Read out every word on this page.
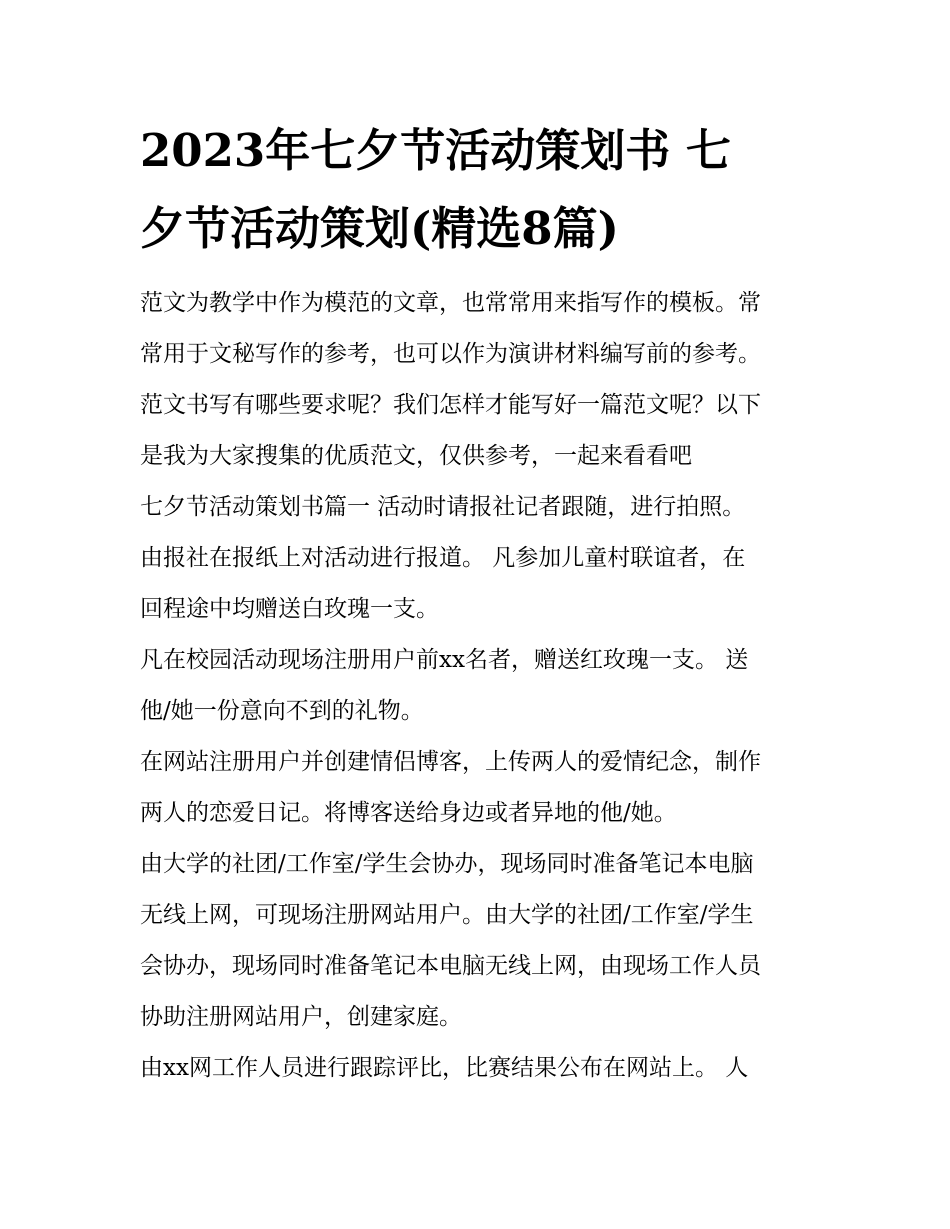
2023年七夕节活动策划书 七
夕节活动策划(精选8篇)
范文为教学中作为模范的文章，也常常用来指写作的模板。常
常用于文秘写作的参考，也可以作为演讲材料编写前的参考。
范文书写有哪些要求呢？我们怎样才能写好一篇范文呢？以下
是我为大家搜集的优质范文，仅供参考，一起来看看吧
七夕节活动策划书篇一 活动时请报社记者跟随，进行拍照。
由报社在报纸上对活动进行报道。 凡参加儿童村联谊者，在
回程途中均赠送白玫瑰一支。
凡在校园活动现场注册用户前xx名者，赠送红玫瑰一支。 送
他/她一份意向不到的礼物。
在网站注册用户并创建情侣博客，上传两人的爱情纪念，制作
两人的恋爱日记。将博客送给身边或者异地的他/她。
由大学的社团/工作室/学生会协办，现场同时准备笔记本电脑
无线上网，可现场注册网站用户。由大学的社团/工作室/学生
会协办，现场同时准备笔记本电脑无线上网，由现场工作人员
协助注册网站用户，创建家庭。
由xx网工作人员进行跟踪评比，比赛结果公布在网站上。 人
